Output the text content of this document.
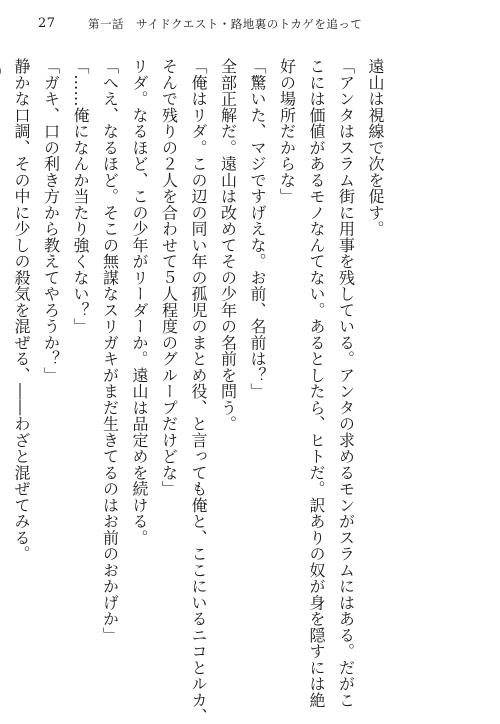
27	第一話　サイドクエスト・路地裏のトカゲを追って
遠山は視線で次を促す。
「アンタはスラム街に用事を残している。アンタの求めるモンがスラムにはある。だがこ
こには価値があるモノなんてない。あるとしたら、ヒトだ。訳ありの奴が身を隠すには絶
好の場所だからな」
「驚いた、マジですげえな。お前、名前は？」
全部正解だ。遠山は改めてその少年の名前を問う。
「俺はリダ。この辺の同い年の孤児のまとめ役、と言っても俺と、ここにいるニコとルカ、
そんで残りの２人を合わせて５人程度のグループだけどな」
リダ。なるほど、この少年がリーダーか。遠山は品定めを続ける。
「へえ、なるほど。そこの無謀なスリガキがまだ生きてるのはお前のおかげか」
「……俺になんか当たり強くない？」
「ガキ、口の利き方から教えてやろうか？」
静かな口調、その中に少しの殺気を混ぜる、――わざと混ぜてみる。
